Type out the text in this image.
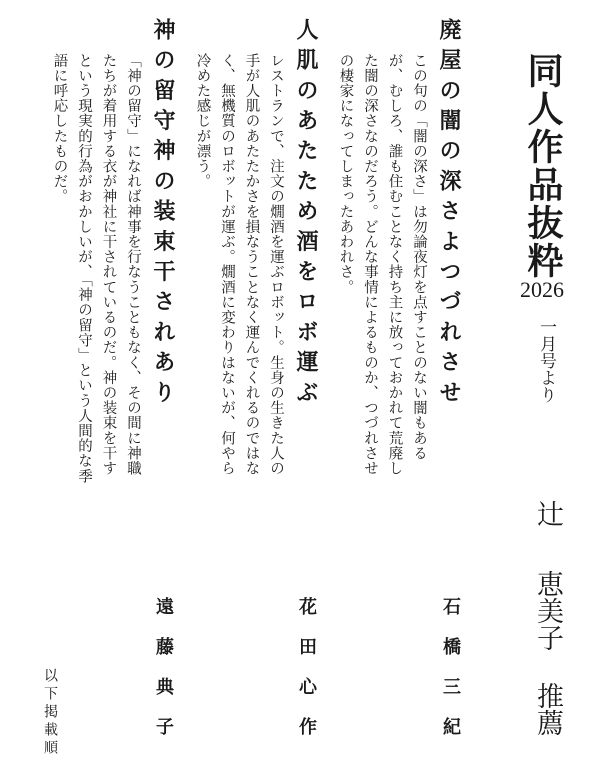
同人作品抜粋
2026
一月号より
辻
恵美子 推薦
廃屋の闇の深さよつづれさせ
この句の「闇の深さ」は勿論夜灯を点すことのない闇もあるが、むしろ、誰も住むことなく持ち主に放っておかれて荒廃した闇の深さなのだろう。どんな事情によるものか、つづれさせの棲家になってしまったあわれさ。
石橋三紀
人肌のあたため酒をロボ運ぶ
レストランで、注文の燗酒を運ぶロボット。生身の生きた人の手が人肌のあたたかさを損なうことなく運んでくれるのではなく、無機質のロボットが運ぶ。燗酒に変わりはないが、何やら冷めた感じが漂う。
花田心作
神の留守神の装束干されあり
「神の留守」になれば神事を行なうこともなく、その間に神職たちが着用する衣が神社に干されているのだ。神の装束を干すという現実的行為がおかしいが、「神の留守」という人間的な季語に呼応したものだ。
遠藤典子
以下掲載順
